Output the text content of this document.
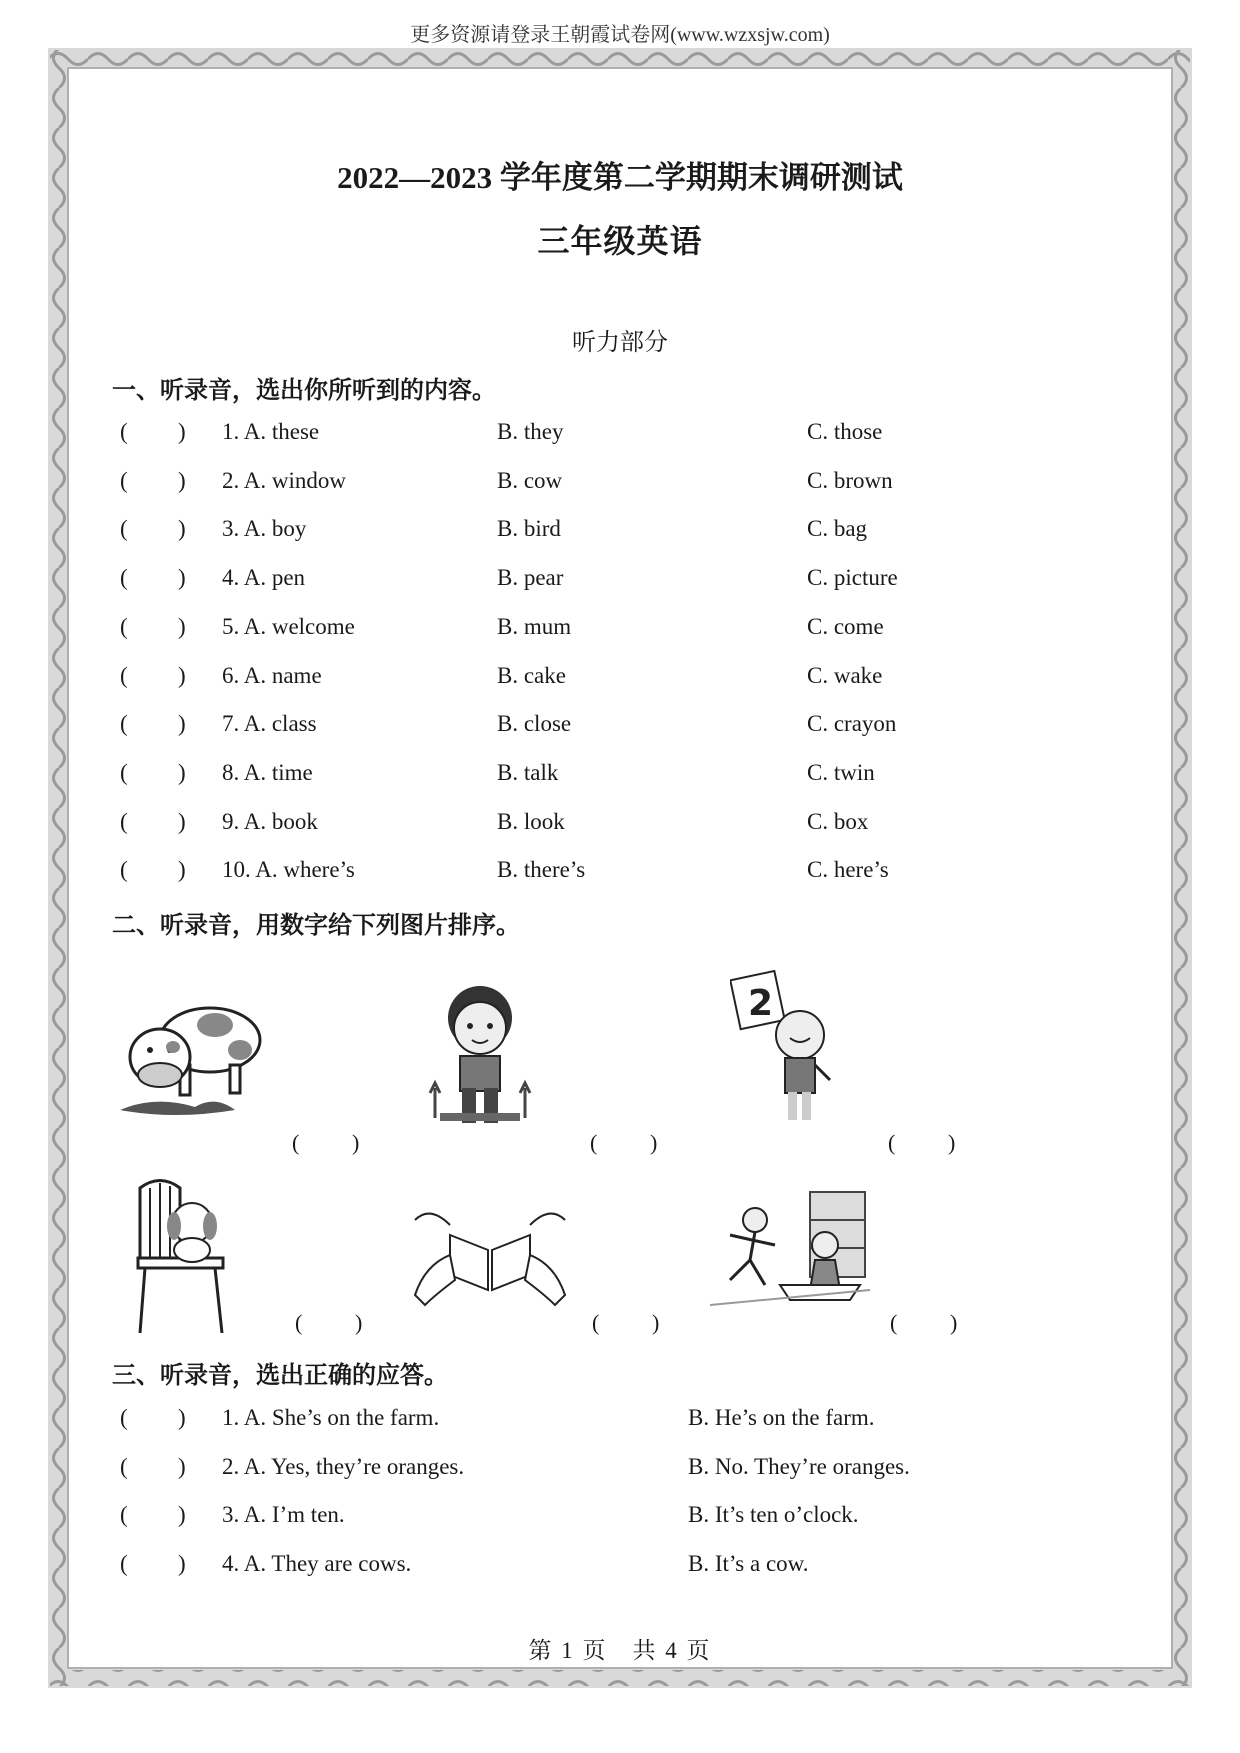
更多资源请登录王朝霞试卷网(www.wzxsjw.com)
2022—2023 学年度第二学期期末调研测试
三年级英语
听力部分
一、听录音，选出你所听到的内容。
( ) 1. A. these	B. they	C. those
( ) 2. A. window	B. cow	C. brown
( ) 3. A. boy	B. bird	C. bag
( ) 4. A. pen	B. pear	C. picture
( ) 5. A. welcome	B. mum	C. come
( ) 6. A. name	B. cake	C. wake
( ) 7. A. class	B. close	C. crayon
( ) 8. A. time	B. talk	C. twin
( ) 9. A. book	B. look	C. box
( ) 10. A. where’s	B. there’s	C. here’s
二、听录音，用数字给下列图片排序。
( )	( )
2
( )
( )	( )	( )
三、听录音，选出正确的应答。
( ) 1. A. She’s on the farm.	B. He’s on the farm.
( ) 2. A. Yes, they’re oranges.	B. No. They’re oranges.
( ) 3. A. I’m ten.	B. It’s ten o’clock.
( ) 4. A. They are cows.	B. It’s a cow.
第 1 页　共 4 页
